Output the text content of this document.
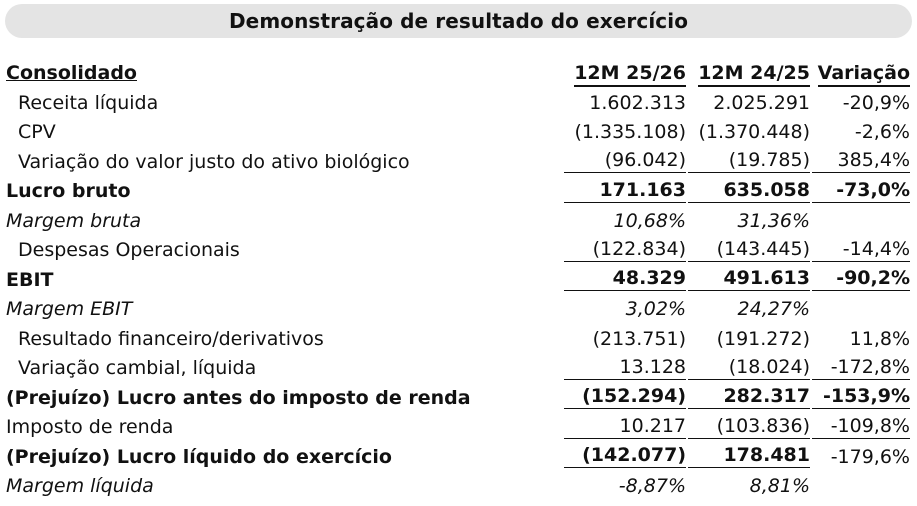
Demonstração de resultado do exercício
Consolidado	12M 25/26	12M 24/25	Variação
Receita líquida	1.602.313	2.025.291	-20,9%
CPV	(1.335.108)	(1.370.448)	-2,6%
Variação do valor justo do ativo biológico	(96.042)	(19.785)	385,4%
Lucro bruto	171.163	635.058	-73,0%
Margem bruta	10,68%	31,36%	
Despesas Operacionais	(122.834)	(143.445)	-14,4%
EBIT	48.329	491.613	-90,2%
Margem EBIT	3,02%	24,27%	
Resultado financeiro/derivativos	(213.751)	(191.272)	11,8%
Variação cambial, líquida	13.128	(18.024)	-172,8%
(Prejuízo) Lucro antes do imposto de renda	(152.294)	282.317	-153,9%
Imposto de renda	10.217	(103.836)	-109,8%
(Prejuízo) Lucro líquido do exercício	(142.077)	178.481	-179,6%
Margem líquida	-8,87%	8,81%	
